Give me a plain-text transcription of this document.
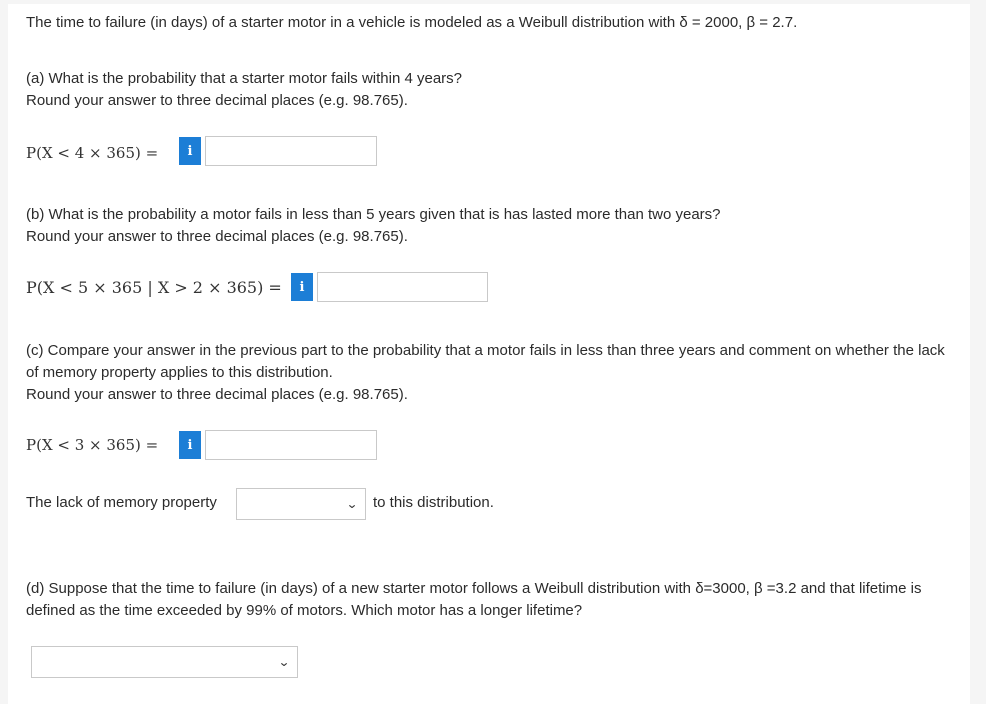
The time to failure (in days) of a starter motor in a vehicle is modeled as a Weibull distribution with δ = 2000, β = 2.7.
(a) What is the probability that a starter motor fails within 4 years?
Round your answer to three decimal places (e.g. 98.765).
P(X < 4 × 365) =	i
(b) What is the probability a motor fails in less than 5 years given that is has lasted more than two years?
Round your answer to three decimal places (e.g. 98.765).
P(X < 5 × 365 | X > 2 × 365) =	i
(c) Compare your answer in the previous part to the probability that a motor fails in less than three years and comment on whether the lack of memory property applies to this distribution.
Round your answer to three decimal places (e.g. 98.765).
P(X < 3 × 365) =	i
The lack of memory property	⌄ to this distribution.
(d) Suppose that the time to failure (in days) of a new starter motor follows a Weibull distribution with δ=3000, β =3.2 and that lifetime is defined as the time exceeded by 99% of motors. Which motor has a longer lifetime?
⌄
